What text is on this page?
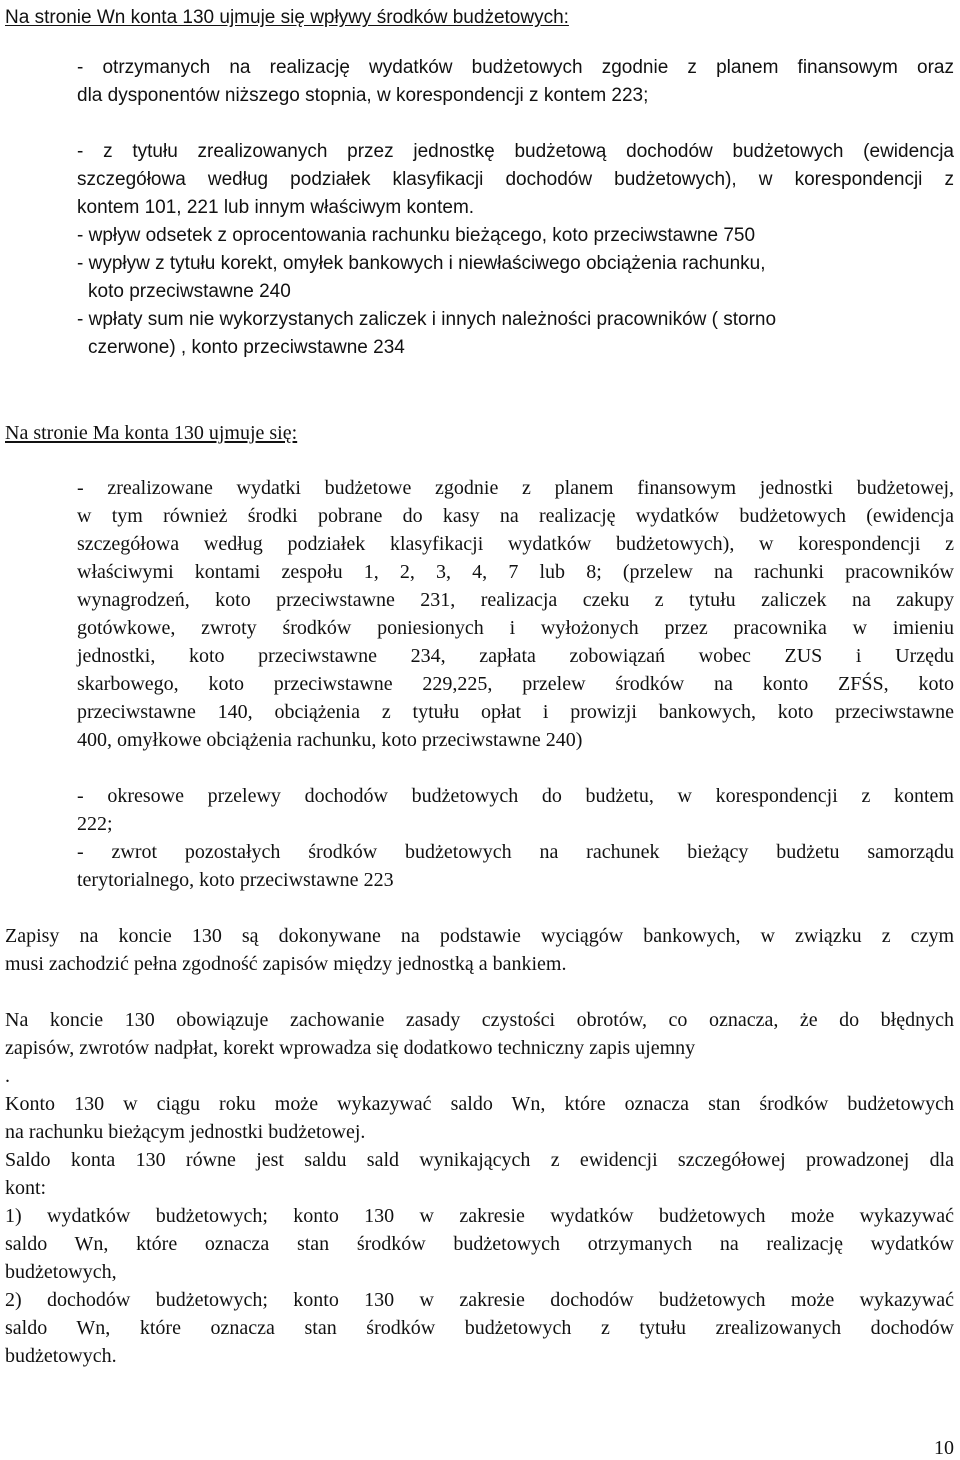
Na stronie Wn konta 130 ujmuje się wpływy środków budżetowych:
- otrzymanych na realizację wydatków budżetowych zgodnie z planem finansowym oraz
dla dysponentów niższego stopnia, w korespondencji z kontem 223;
- z tytułu zrealizowanych przez jednostkę budżetową dochodów budżetowych (ewidencja
szczegółowa według podziałek klasyfikacji dochodów budżetowych), w korespondencji z
kontem 101, 221 lub innym właściwym kontem.
- wpływ odsetek z oprocentowania rachunku bieżącego, koto przeciwstawne 750
- wypływ z tytułu korekt, omyłek bankowych i niewłaściwego obciążenia rachunku,
koto przeciwstawne 240
- wpłaty sum nie wykorzystanych zaliczek i innych należności pracowników ( storno
czerwone) , konto przeciwstawne 234
Na stronie Ma konta 130 ujmuje się:
- zrealizowane wydatki budżetowe zgodnie z planem finansowym jednostki budżetowej,
w tym również środki pobrane do kasy na realizację wydatków budżetowych (ewidencja
szczegółowa według podziałek klasyfikacji wydatków budżetowych), w korespondencji z
właściwymi kontami zespołu 1, 2, 3, 4, 7 lub 8; (przelew na rachunki pracowników
wynagrodzeń, koto przeciwstawne 231, realizacja czeku z tytułu zaliczek na zakupy
gotówkowe, zwroty środków poniesionych i wyłożonych przez pracownika w imieniu
jednostki, koto przeciwstawne 234, zapłata zobowiązań wobec ZUS i Urzędu
skarbowego, koto przeciwstawne 229,225, przelew środków na konto ZFŚS, koto
przeciwstawne 140, obciążenia z tytułu opłat i prowizji bankowych, koto przeciwstawne
400, omyłkowe obciążenia rachunku, koto przeciwstawne 240)
- okresowe przelewy dochodów budżetowych do budżetu, w korespondencji z kontem
222;
- zwrot pozostałych środków budżetowych na rachunek bieżący budżetu samorządu
terytorialnego, koto przeciwstawne 223
Zapisy na koncie 130 są dokonywane na podstawie wyciągów bankowych, w związku z czym
musi zachodzić pełna zgodność zapisów między jednostką a bankiem.
Na koncie 130 obowiązuje zachowanie zasady czystości obrotów, co oznacza, że do błędnych
zapisów, zwrotów nadpłat, korekt wprowadza się dodatkowo techniczny zapis ujemny
.
Konto 130 w ciągu roku może wykazywać saldo Wn, które oznacza stan środków budżetowych
na rachunku bieżącym jednostki budżetowej.
Saldo konta 130 równe jest saldu sald wynikających z ewidencji szczegółowej prowadzonej dla
kont:
1) wydatków budżetowych; konto 130 w zakresie wydatków budżetowych może wykazywać
saldo Wn, które oznacza stan środków budżetowych otrzymanych na realizację wydatków
budżetowych,
2) dochodów budżetowych; konto 130 w zakresie dochodów budżetowych może wykazywać
saldo Wn, które oznacza stan środków budżetowych z tytułu zrealizowanych dochodów
budżetowych.
10
